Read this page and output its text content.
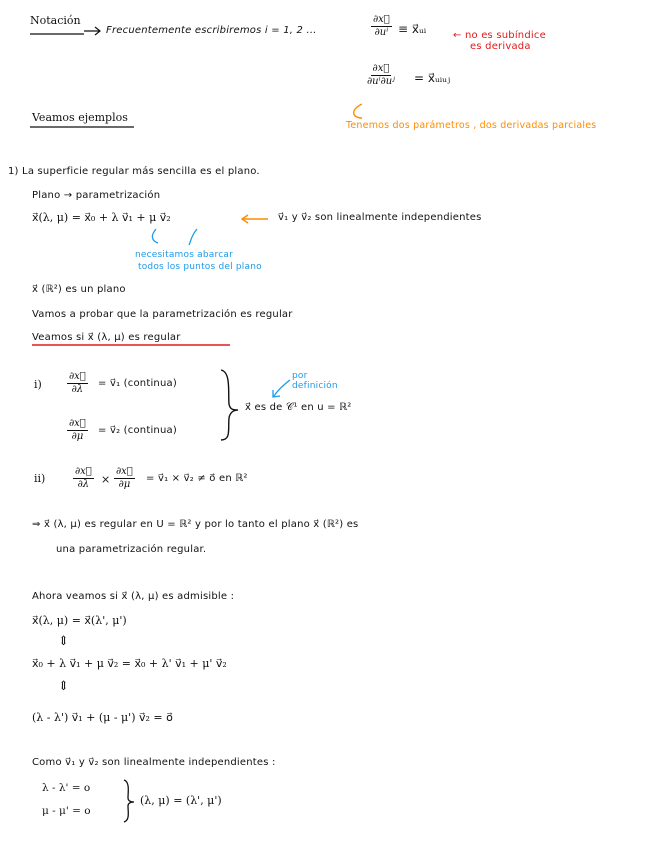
Notación
Frecuentemente escribiremos i = 1, 2 ...	$\frac{\partial x⃗}{\text{∂uⁱ}}$ ≡ x⃗ᵤᵢ	← no es subíndice
es derivada
$\frac{\partial x⃗}{\text{∂uⁱ∂uʲ}}$ = x⃗ᵤᵢᵤⱼ
Tenemos dos parámetros , dos derivadas parciales
Veamos ejemplos
1) La superficie regular más sencilla es el plano.
Plano → parametrización
x⃗(λ, μ) = x⃗₀ + λ v⃗₁ + μ v⃗₂	v⃗₁ y v⃗₂ son linealmente independientes
necesitamos abarcar
todos los puntos del plano
x⃗ (ℝ²) es un plano
Vamos a probar que la parametrización es regular
Veamos si x⃗ (λ, μ) es regular
i)	$\frac{\partial x⃗}{\partial\lambda}$ = v⃗₁ (continua)
$\frac{\partial x⃗}{\partial\mu}$ = v⃗₂ (continua)
por
definición
x⃗ es de 𝒞¹ en u = ℝ²
ii)	$\frac{\partial x⃗}{\partial\lambda} \times \frac{\partial x⃗}{\partial\mu}$ = v⃗₁ × v⃗₂ ≠ o⃗ en ℝ²
⇒ x⃗ (λ, μ) es regular en U = ℝ² y por lo tanto el plano x⃗ (ℝ²) es
una parametrización regular.
Ahora veamos si x⃗ (λ, μ) es admisible :
x⃗(λ, μ) = x⃗(λ', μ')
⇕
x⃗₀ + λ v⃗₁ + μ v⃗₂ = x⃗₀ + λ' v⃗₁ + μ' v⃗₂
⇕
(λ - λ') v⃗₁ + (μ - μ') v⃗₂ = o⃗
Como v⃗₁ y v⃗₂ son linealmente independientes :
λ - λ' = o
μ - μ' = o
(λ, μ) = (λ', μ')
